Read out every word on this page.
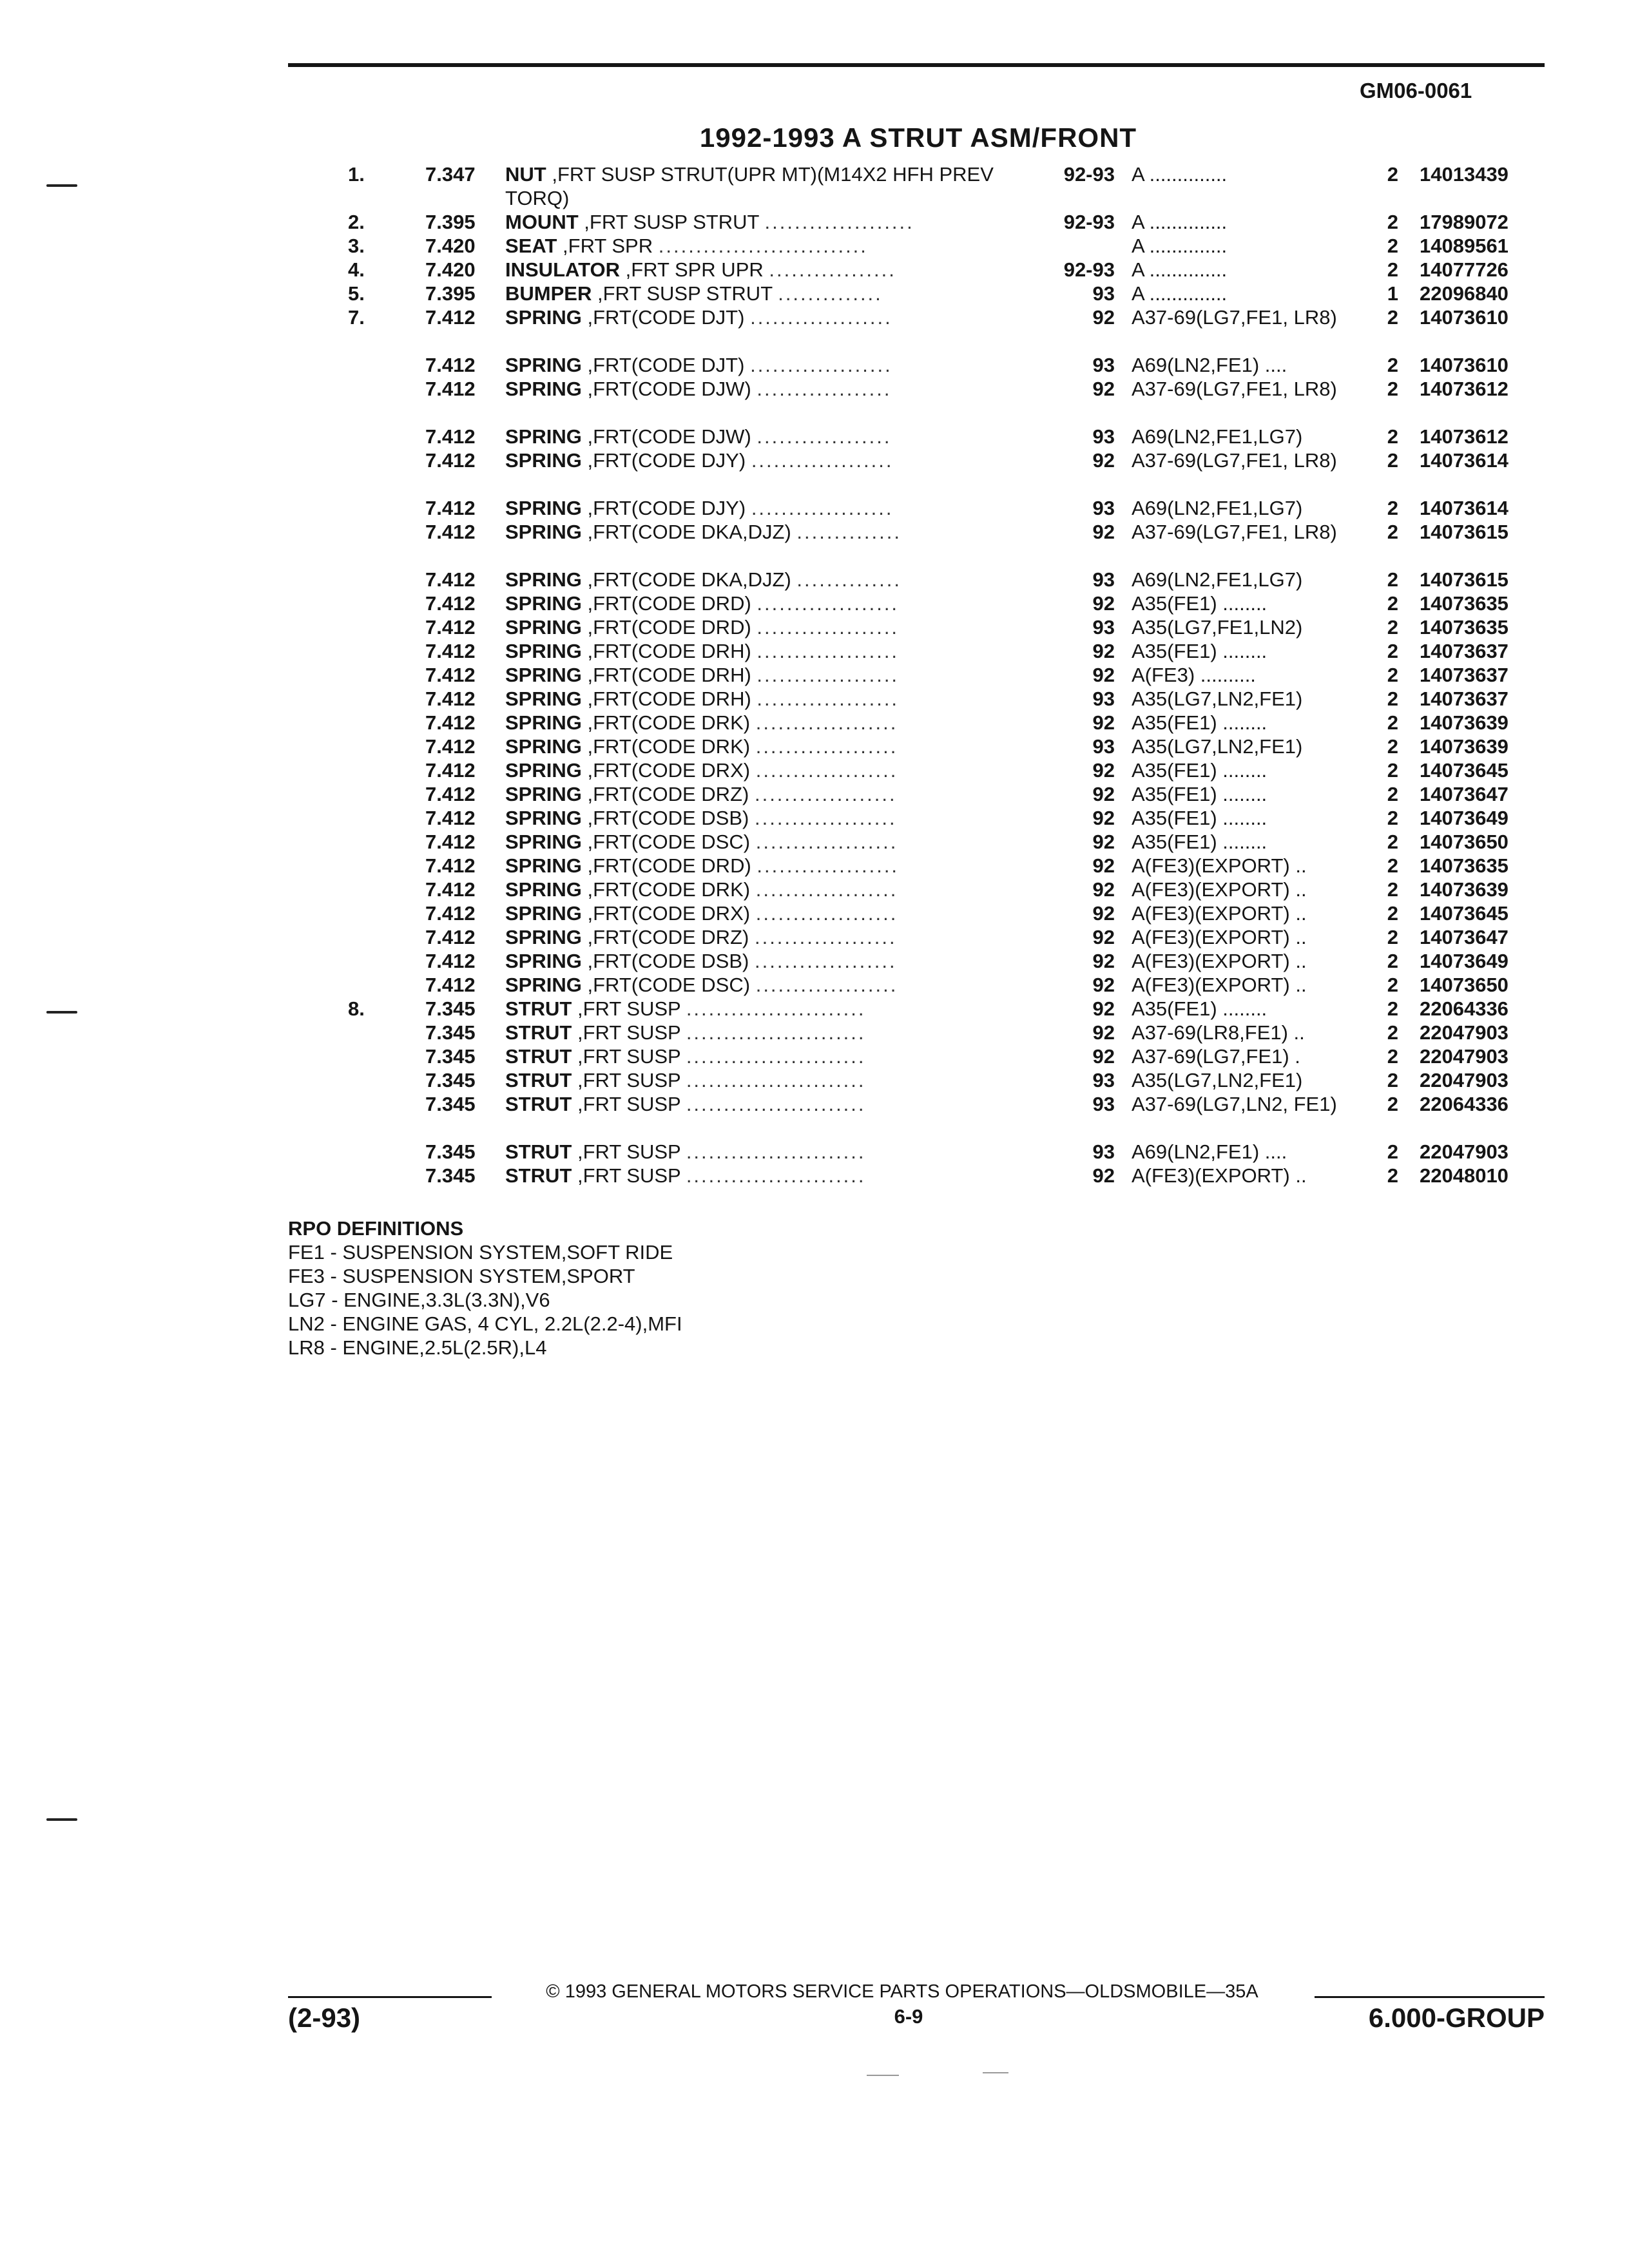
GM06-0061
1992-1993 A STRUT ASM/FRONT
1.	7.347	NUT ,FRT SUSP STRUT(UPR MT)(M14X2 HFH PREV TORQ)
92-93 A ..............	2 14013439
2.	7.395	MOUNT ,FRT SUSP STRUT ....................	92-93 A ..............	2 17989072
3.	7.420	SEAT ,FRT SPR ............................	A ..............	2 14089561
4.	7.420	INSULATOR ,FRT SPR UPR .................	92-93 A ..............	2 14077726
5.	7.395	BUMPER ,FRT SUSP STRUT ..............	93 A ..............	1 22096840
7.	7.412	SPRING ,FRT(CODE DJT) ...................	92 A37-69(LG7,FE1, LR8)	2 14073610
7.412	SPRING ,FRT(CODE DJT) ...................	93 A69(LN2,FE1) ....	2 14073610
7.412	SPRING ,FRT(CODE DJW) ..................	92 A37-69(LG7,FE1, LR8)	2 14073612
7.412	SPRING ,FRT(CODE DJW) ..................	93 A69(LN2,FE1,LG7)	2 14073612
7.412	SPRING ,FRT(CODE DJY) ...................	92 A37-69(LG7,FE1, LR8)	2 14073614
7.412	SPRING ,FRT(CODE DJY) ...................	93 A69(LN2,FE1,LG7)	2 14073614
7.412	SPRING ,FRT(CODE DKA,DJZ) ..............	92 A37-69(LG7,FE1, LR8)	2 14073615
7.412	SPRING ,FRT(CODE DKA,DJZ) ..............	93 A69(LN2,FE1,LG7)	2 14073615
7.412	SPRING ,FRT(CODE DRD) ...................	92 A35(FE1) ........	2 14073635
7.412	SPRING ,FRT(CODE DRD) ...................	93 A35(LG7,FE1,LN2)	2 14073635
7.412	SPRING ,FRT(CODE DRH) ...................	92 A35(FE1) ........	2 14073637
7.412	SPRING ,FRT(CODE DRH) ...................	92 A(FE3) ..........	2 14073637
7.412	SPRING ,FRT(CODE DRH) ...................	93 A35(LG7,LN2,FE1)	2 14073637
7.412	SPRING ,FRT(CODE DRK) ...................	92 A35(FE1) ........	2 14073639
7.412	SPRING ,FRT(CODE DRK) ...................	93 A35(LG7,LN2,FE1)	2 14073639
7.412	SPRING ,FRT(CODE DRX) ...................	92 A35(FE1) ........	2 14073645
7.412	SPRING ,FRT(CODE DRZ) ...................	92 A35(FE1) ........	2 14073647
7.412	SPRING ,FRT(CODE DSB) ...................	92 A35(FE1) ........	2 14073649
7.412	SPRING ,FRT(CODE DSC) ...................	92 A35(FE1) ........	2 14073650
7.412	SPRING ,FRT(CODE DRD) ...................	92 A(FE3)(EXPORT) ..	2 14073635
7.412	SPRING ,FRT(CODE DRK) ...................	92 A(FE3)(EXPORT) ..	2 14073639
7.412	SPRING ,FRT(CODE DRX) ...................	92 A(FE3)(EXPORT) ..	2 14073645
7.412	SPRING ,FRT(CODE DRZ) ...................	92 A(FE3)(EXPORT) ..	2 14073647
7.412	SPRING ,FRT(CODE DSB) ...................	92 A(FE3)(EXPORT) ..	2 14073649
7.412	SPRING ,FRT(CODE DSC) ...................	92 A(FE3)(EXPORT) ..	2 14073650
8.	7.345	STRUT ,FRT SUSP ........................	92 A35(FE1) ........	2 22064336
7.345	STRUT ,FRT SUSP ........................	92 A37-69(LR8,FE1) ..	2 22047903
7.345	STRUT ,FRT SUSP ........................	92 A37-69(LG7,FE1) .	2 22047903
7.345	STRUT ,FRT SUSP ........................	93 A35(LG7,LN2,FE1)	2 22047903
7.345	STRUT ,FRT SUSP ........................	93 A37-69(LG7,LN2, FE1)	2 22064336
7.345	STRUT ,FRT SUSP ........................	93 A69(LN2,FE1) ....	2 22047903
7.345	STRUT ,FRT SUSP ........................	92 A(FE3)(EXPORT) ..	2 22048010
RPO DEFINITIONS
FE1 - SUSPENSION SYSTEM,SOFT RIDE
FE3 - SUSPENSION SYSTEM,SPORT
LG7 - ENGINE,3.3L(3.3N),V6
LN2 - ENGINE GAS, 4 CYL, 2.2L(2.2-4),MFI
LR8 - ENGINE,2.5L(2.5R),L4
© 1993 GENERAL MOTORS SERVICE PARTS OPERATIONS—OLDSMOBILE—35A
(2-93)	6-9	6.000-GROUP
